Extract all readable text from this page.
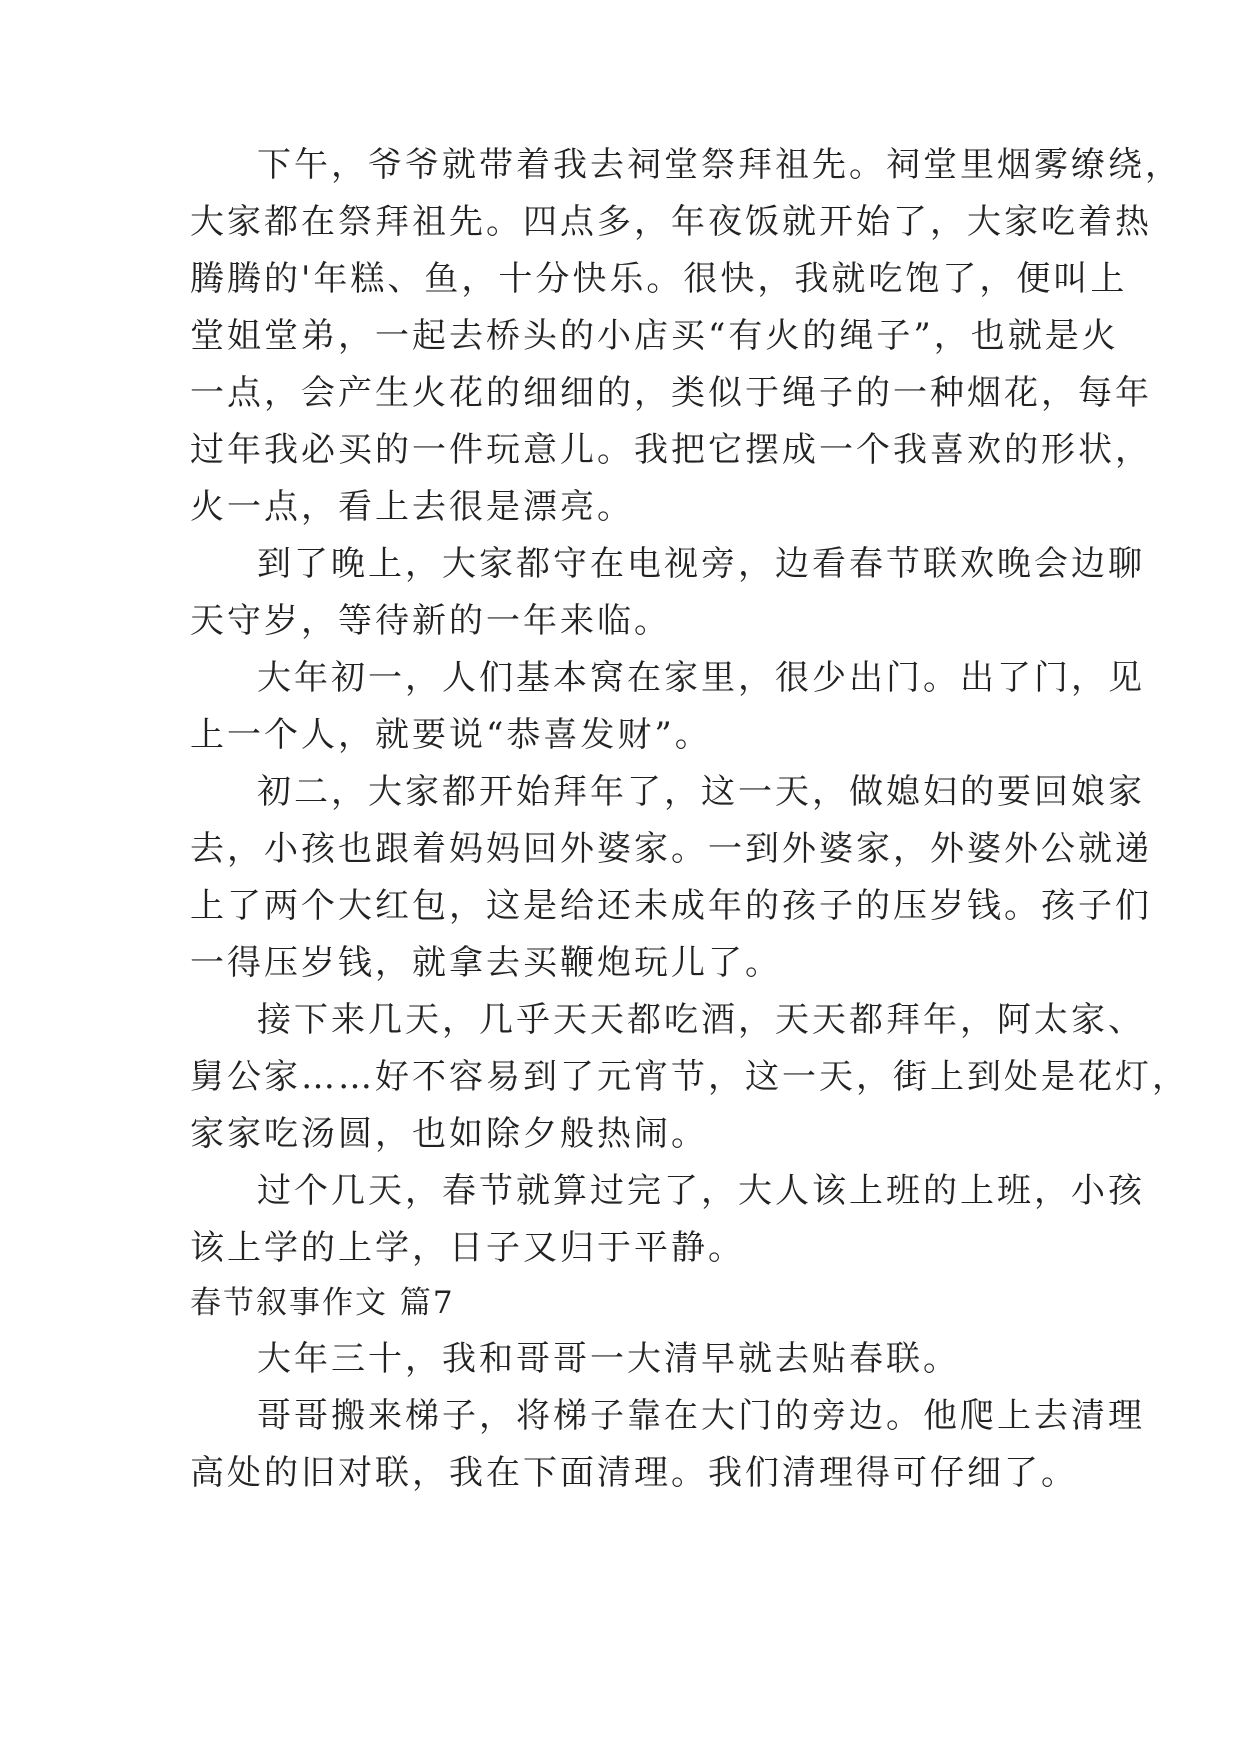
下午，爷爷就带着我去祠堂祭拜祖先。祠堂里烟雾缭绕，
大家都在祭拜祖先。四点多，年夜饭就开始了，大家吃着热
腾腾的'年糕、鱼，十分快乐。很快，我就吃饱了，便叫上
堂姐堂弟，一起去桥头的小店买“有火的绳子”，也就是火
一点，会产生火花的细细的，类似于绳子的一种烟花，每年
过年我必买的一件玩意儿。我把它摆成一个我喜欢的形状，
火一点，看上去很是漂亮。
到了晚上，大家都守在电视旁，边看春节联欢晚会边聊
天守岁，等待新的一年来临。
大年初一，人们基本窝在家里，很少出门。出了门，见
上一个人，就要说“恭喜发财”。
初二，大家都开始拜年了，这一天，做媳妇的要回娘家
去，小孩也跟着妈妈回外婆家。一到外婆家，外婆外公就递
上了两个大红包，这是给还未成年的孩子的压岁钱。孩子们
一得压岁钱，就拿去买鞭炮玩儿了。
接下来几天，几乎天天都吃酒，天天都拜年，阿太家、
舅公家……好不容易到了元宵节，这一天，街上到处是花灯，
家家吃汤圆，也如除夕般热闹。
过个几天，春节就算过完了，大人该上班的上班，小孩
该上学的上学，日子又归于平静。
春节叙事作文 篇7
大年三十，我和哥哥一大清早就去贴春联。
哥哥搬来梯子，将梯子靠在大门的旁边。他爬上去清理
高处的旧对联，我在下面清理。我们清理得可仔细了。
